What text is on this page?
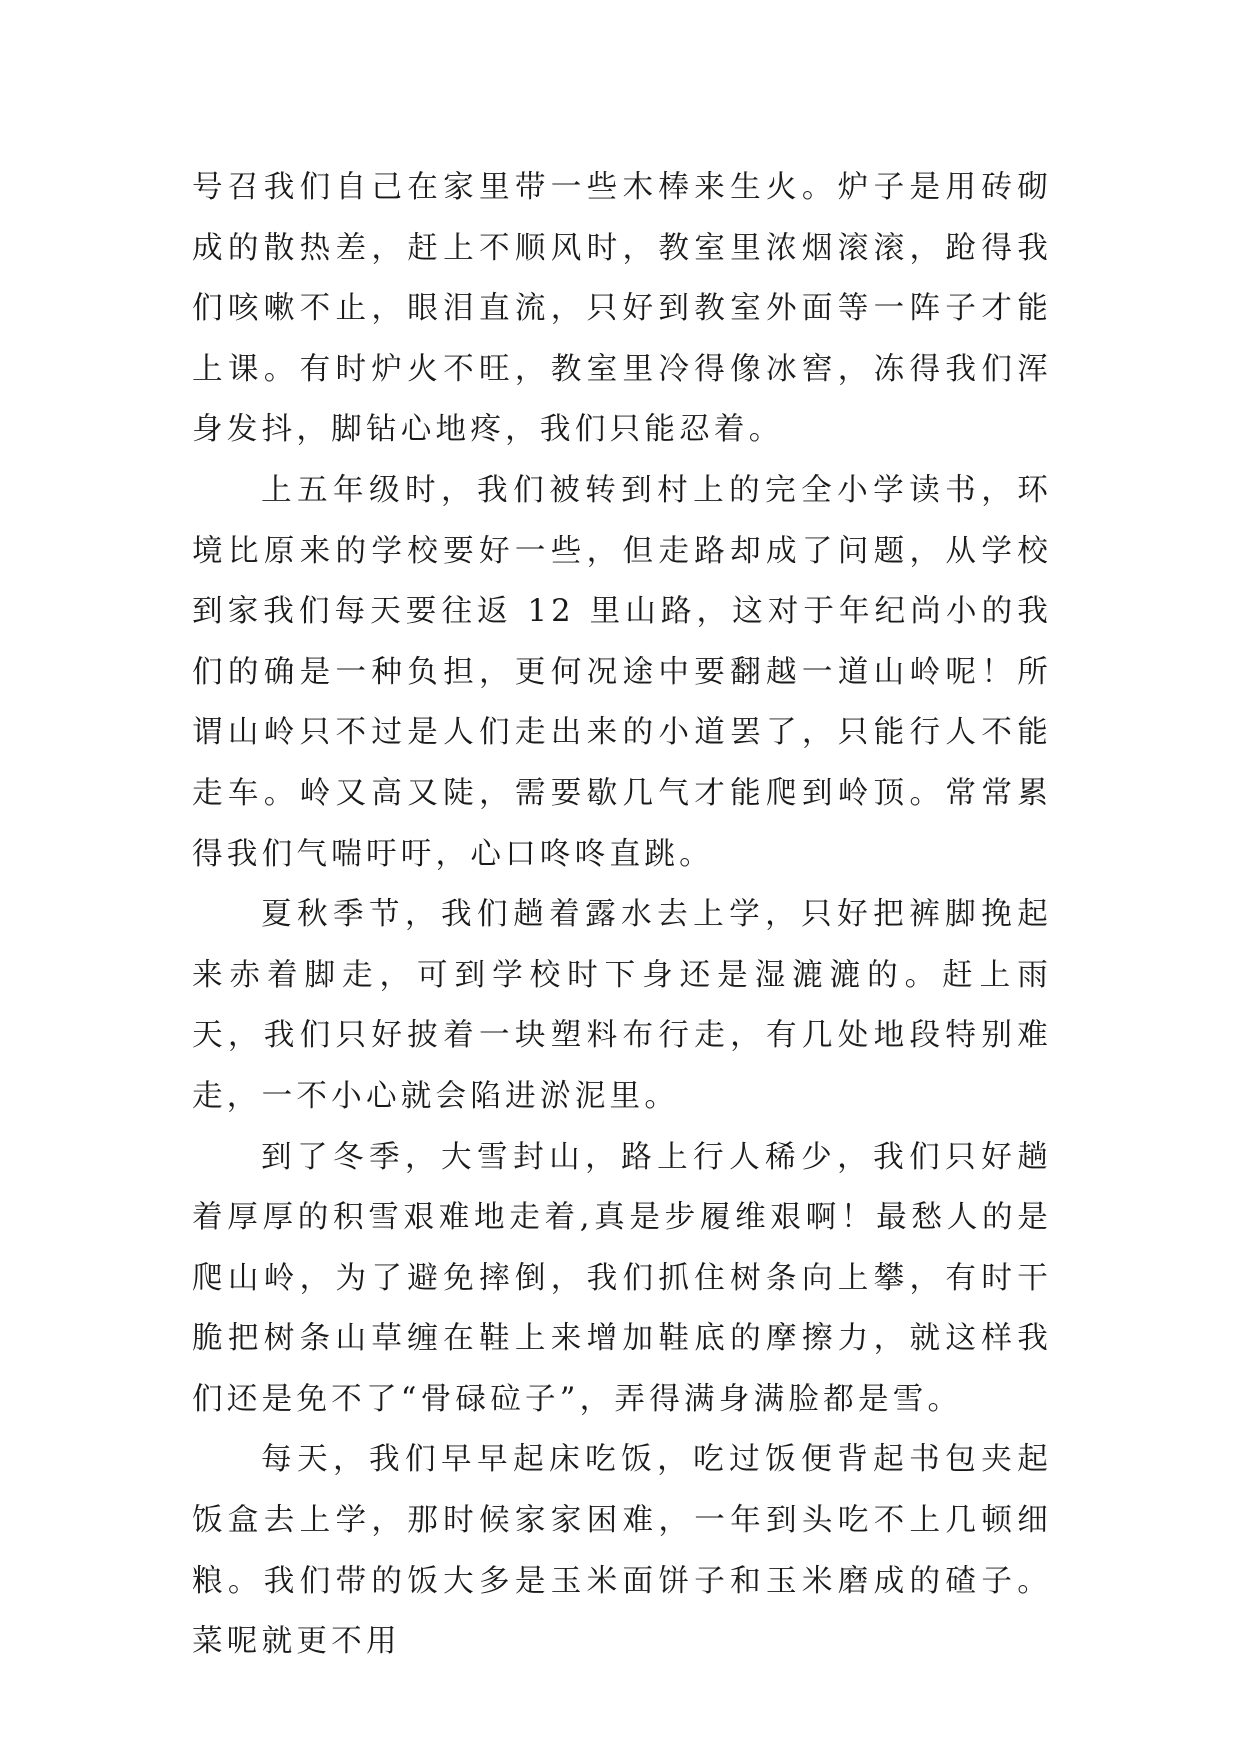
号召我们自己在家里带一些木棒来生火。炉子是用砖砌成的散热差，赶上不顺风时，教室里浓烟滚滚，跄得我们咳嗽不止，眼泪直流，只好到教室外面等一阵子才能上课。有时炉火不旺，教室里冷得像冰窖，冻得我们浑身发抖，脚钻心地疼，我们只能忍着。

上五年级时，我们被转到村上的完全小学读书，环境比原来的学校要好一些，但走路却成了问题，从学校到家我们每天要往返 12 里山路，这对于年纪尚小的我们的确是一种负担，更何况途中要翻越一道山岭呢！所谓山岭只不过是人们走出来的小道罢了，只能行人不能走车。岭又高又陡，需要歇几气才能爬到岭顶。常常累得我们气喘吁吁，心口咚咚直跳。

夏秋季节，我们趟着露水去上学，只好把裤脚挽起来赤着脚走，可到学校时下身还是湿漉漉的。赶上雨天，我们只好披着一块塑料布行走，有几处地段特别难走，一不小心就会陷进淤泥里。

到了冬季，大雪封山，路上行人稀少，我们只好趟着厚厚的积雪艰难地走着,真是步履维艰啊！最愁人的是爬山岭，为了避免摔倒，我们抓住树条向上攀，有时干脆把树条山草缠在鞋上来增加鞋底的摩擦力，就这样我们还是免不了“骨碌砬子”，弄得满身满脸都是雪。

每天，我们早早起床吃饭，吃过饭便背起书包夹起饭盒去上学，那时候家家困难，一年到头吃不上几顿细粮。我们带的饭大多是玉米面饼子和玉米磨成的碴子。菜呢就更不用
